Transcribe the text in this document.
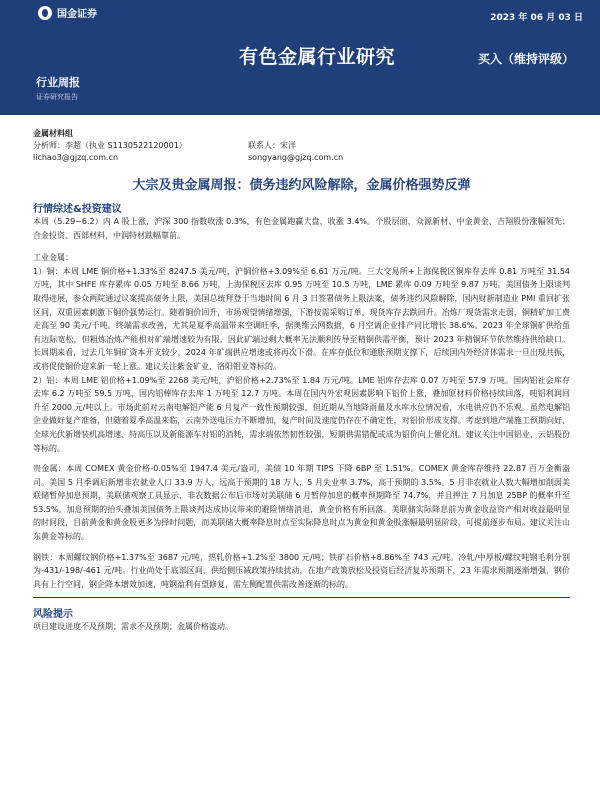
国金证券	2023 年 06 月 03 日
有色金属行业研究	买入（维持评级）
行业周报
证券研究报告
金属材料组
分析师：李超（执业 S1130522120001）	联系人：宋洋
lichao3@gjzq.com.cn	songyang@gjzq.com.cn
大宗及贵金属周报：债务违约风险解除，金属价格强势反弹
行情综述&投资建议

本周（5.29~6.2）内 A 股上涨，沪深 300 指数收涨 0.3%，有色金属跑赢大盘，收涨 3.4%。个股层面，众源新材、中金黄金、吉翔股份涨幅领先；合金投资、西部材料、中润特材跌幅靠前。

工业金属：

1）铜：本周 LME 铜价格+1.33%至 8247.5 美元/吨，沪铜价格+3.09%至 6.61 万元/吨。三大交易所+上海保税区铜库存去库 0.81 万吨至 31.54 万吨，其中 SHFE 库存累库 0.05 万吨至 8.66 万吨，上海保税区去库 0.95 万吨至 10.5 万吨，LME 累库 0.09 万吨至 9.87 万吨。美国债务上限谈判取得进展，参众两院通过议案提高债务上限，美国总统拜登于当地时间 6 月 3 日签署债务上限法案，债务违约风险解除，国内财新制造业 PMI 重回扩张区间，双重因素刺激下铜价强势运行。随着铜价回升，市场观望情绪增强，下游按需采购订单，现货库存去跌回升。冶炼厂现货需求走弱，铜精矿加工费走高至 90 美元/千吨。终端需求改善，尤其是夏季高温带来空调旺季，据奥维云网数据，6 月空调企业排产同比增长 38.6%。2023 年全球铜矿供给虽有边际宽松，但粗炼冶炼产能相对矿端增速较为有限，因此矿端过剩大概率无法顺利传导至精铜供需平衡，预计 2023 年精铜环节依然维持供给缺口。长周期来看，过去几年铜矿资本开支较少，2024 年矿端供应增速或将再次下滑。在库存低位和通胀预期支撑下，后续国内外经济体需求一旦出现共振，或将促使铜价迎来新一轮上涨。建议关注紫金矿业、洛阳钼业等标的。

2）铝：本周 LME 铝价格+1.09%至 2268 美元/吨，沪铝价格+2.73%至 1.84 万元/吨。LME 铝库存去库 0.07 万吨至 57.9 万吨。国内铝社会库存去库 6.2 万吨至 59.5 万吨，国内铝棒库存去库 1 万吨至 12.7 万吨。本周在国内外宏观因素影响下铝价上涨，叠加原材料价格持续回落，吨铝利润回升至 2000 元/吨以上。市场此前对云南电解铝产能 6 月复产一致性预期较强，但近期从当地降雨量及水库水位情况看，水电供应仍不乐观。虽然电解铝企业做好复产准备，但随着夏季高温来临，云南外送电压力不断增加，复产时间及速度仍存在不确定性，对铝价形成支撑。考虑到地产端施工预期向好、全球光伏新增装机高增速、特高压以及新能源车对铝的消耗，需求端依然韧性较强，短期供需错配或成为铝价向上催化剂。建议关注中国铝业、云铝股份等标的。

贵金属：本周 COMEX 黄金价格-0.05%至 1947.4 美元/盎司，美债 10 年期 TIPS 下降 6BP 至 1.51%。COMEX 黄金库存维持 22.87 百万金衡盎司。美国 5 月季调后新增非农就业人口 33.9 万人，远高于预期的 18 万人，5 月失业率 3.7%，高于预期的 3.5%。5 月非农就业人数大幅增加削弱美联储暂停加息预期，美联储观察工具显示，非农数据公布后市场对美联储 6 月暂停加息的概率预期降至 74.7%，并且押注 7 月加息 25BP 的概率升至 53.5%。加息预期的抬头叠加美国债务上限谈判达成协议带来的避险情绪消退，黄金价格有所回落。美联储实际降息前为黄金收益资产相对收益最明显的时间段，目前黄金和黄金股更多为择时问题，而美联储大概率降息时点至实际降息时点为黄金和黄金股涨幅最明显阶段，可提前逐步布局。建议关注山东黄金等标的。

钢铁：本周螺纹钢价格+1.37%至 3687 元/吨，热轧价格+1.2%至 3800 元/吨；铁矿石价格+8.86%至 743 元/吨。冷轧/中厚板/螺纹吨钢毛利分别为-431/-198/-461 元/吨。行业尚处于底部区间，供给侧压减政策持续扰动，在地产政策放松及投资后经济复苏预期下，23 年需求预期逐渐增强，钢价具有上行空间，钢企降本增效加速，吨钢盈利有望修复，需左侧配置供需改善逐渐的标的。

风险提示

项目建设进度不及预期；需求不及预期；金属价格波动。
